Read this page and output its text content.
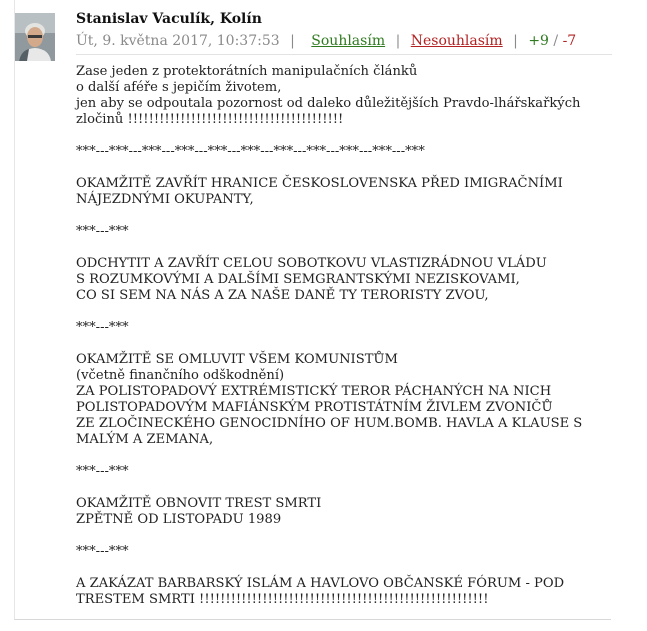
Stanislav Vaculík, Kolín
Út, 9. května 2017, 10:37:53 | Souhlasím | Nesouhlasím | +9 / -7

Zase jeden z protektorátních manipulačních článků
o další aféře s jepičím životem,
jen aby se odpoutala pozornost od daleko důležitějších Pravdo-lhářskařkých
zločinů !!!!!!!!!!!!!!!!!!!!!!!!!!!!!!!!!!!!!!!!!

***---***---***---***---***---***---***---***---***---***---***

OKAMŽITĚ ZAVŘÍT HRANICE ČESKOSLOVENSKA PŘED IMIGRAČNÍMI
NÁJEZDNÝMI OKUPANTY,

***---***

ODCHYTIT A ZAVŘÍT CELOU SOBOTKOVU VLASTIZRÁDNOU VLÁDU
S ROZUMKOVÝMI A DALŠÍMI SEMGRANTSKÝMI NEZISKOVAMI,
CO SI SEM NA NÁS A ZA NAŠE DANĚ TY TERORISTY ZVOU,

***---***

OKAMŽITĚ SE OMLUVIT VŠEM KOMUNISTŮM
(včetně finančního odškodnění)
ZA POLISTOPADOVÝ EXTRÉMISTICKÝ TEROR PÁCHANÝCH NA NICH
POLISTOPADOVÝM MAFIÁNSKÝM PROTISTÁTNÍM ŽIVLEM ZVONIČŮ
ZE ZLOČINECKÉHO GENOCIDNÍHO OF HUM.BOMB. HAVLA A KLAUSE S
MALÝM A ZEMANA,

***---***

OKAMŽITĚ OBNOVIT TREST SMRTI
ZPĚTNĚ OD LISTOPADU 1989

***---***

A ZAKÁZAT BARBARSKÝ ISLÁM A HAVLOVO OBČANSKÉ FÓRUM - POD
TRESTEM SMRTI !!!!!!!!!!!!!!!!!!!!!!!!!!!!!!!!!!!!!!!!!!!!!!!!!!!!!!!
